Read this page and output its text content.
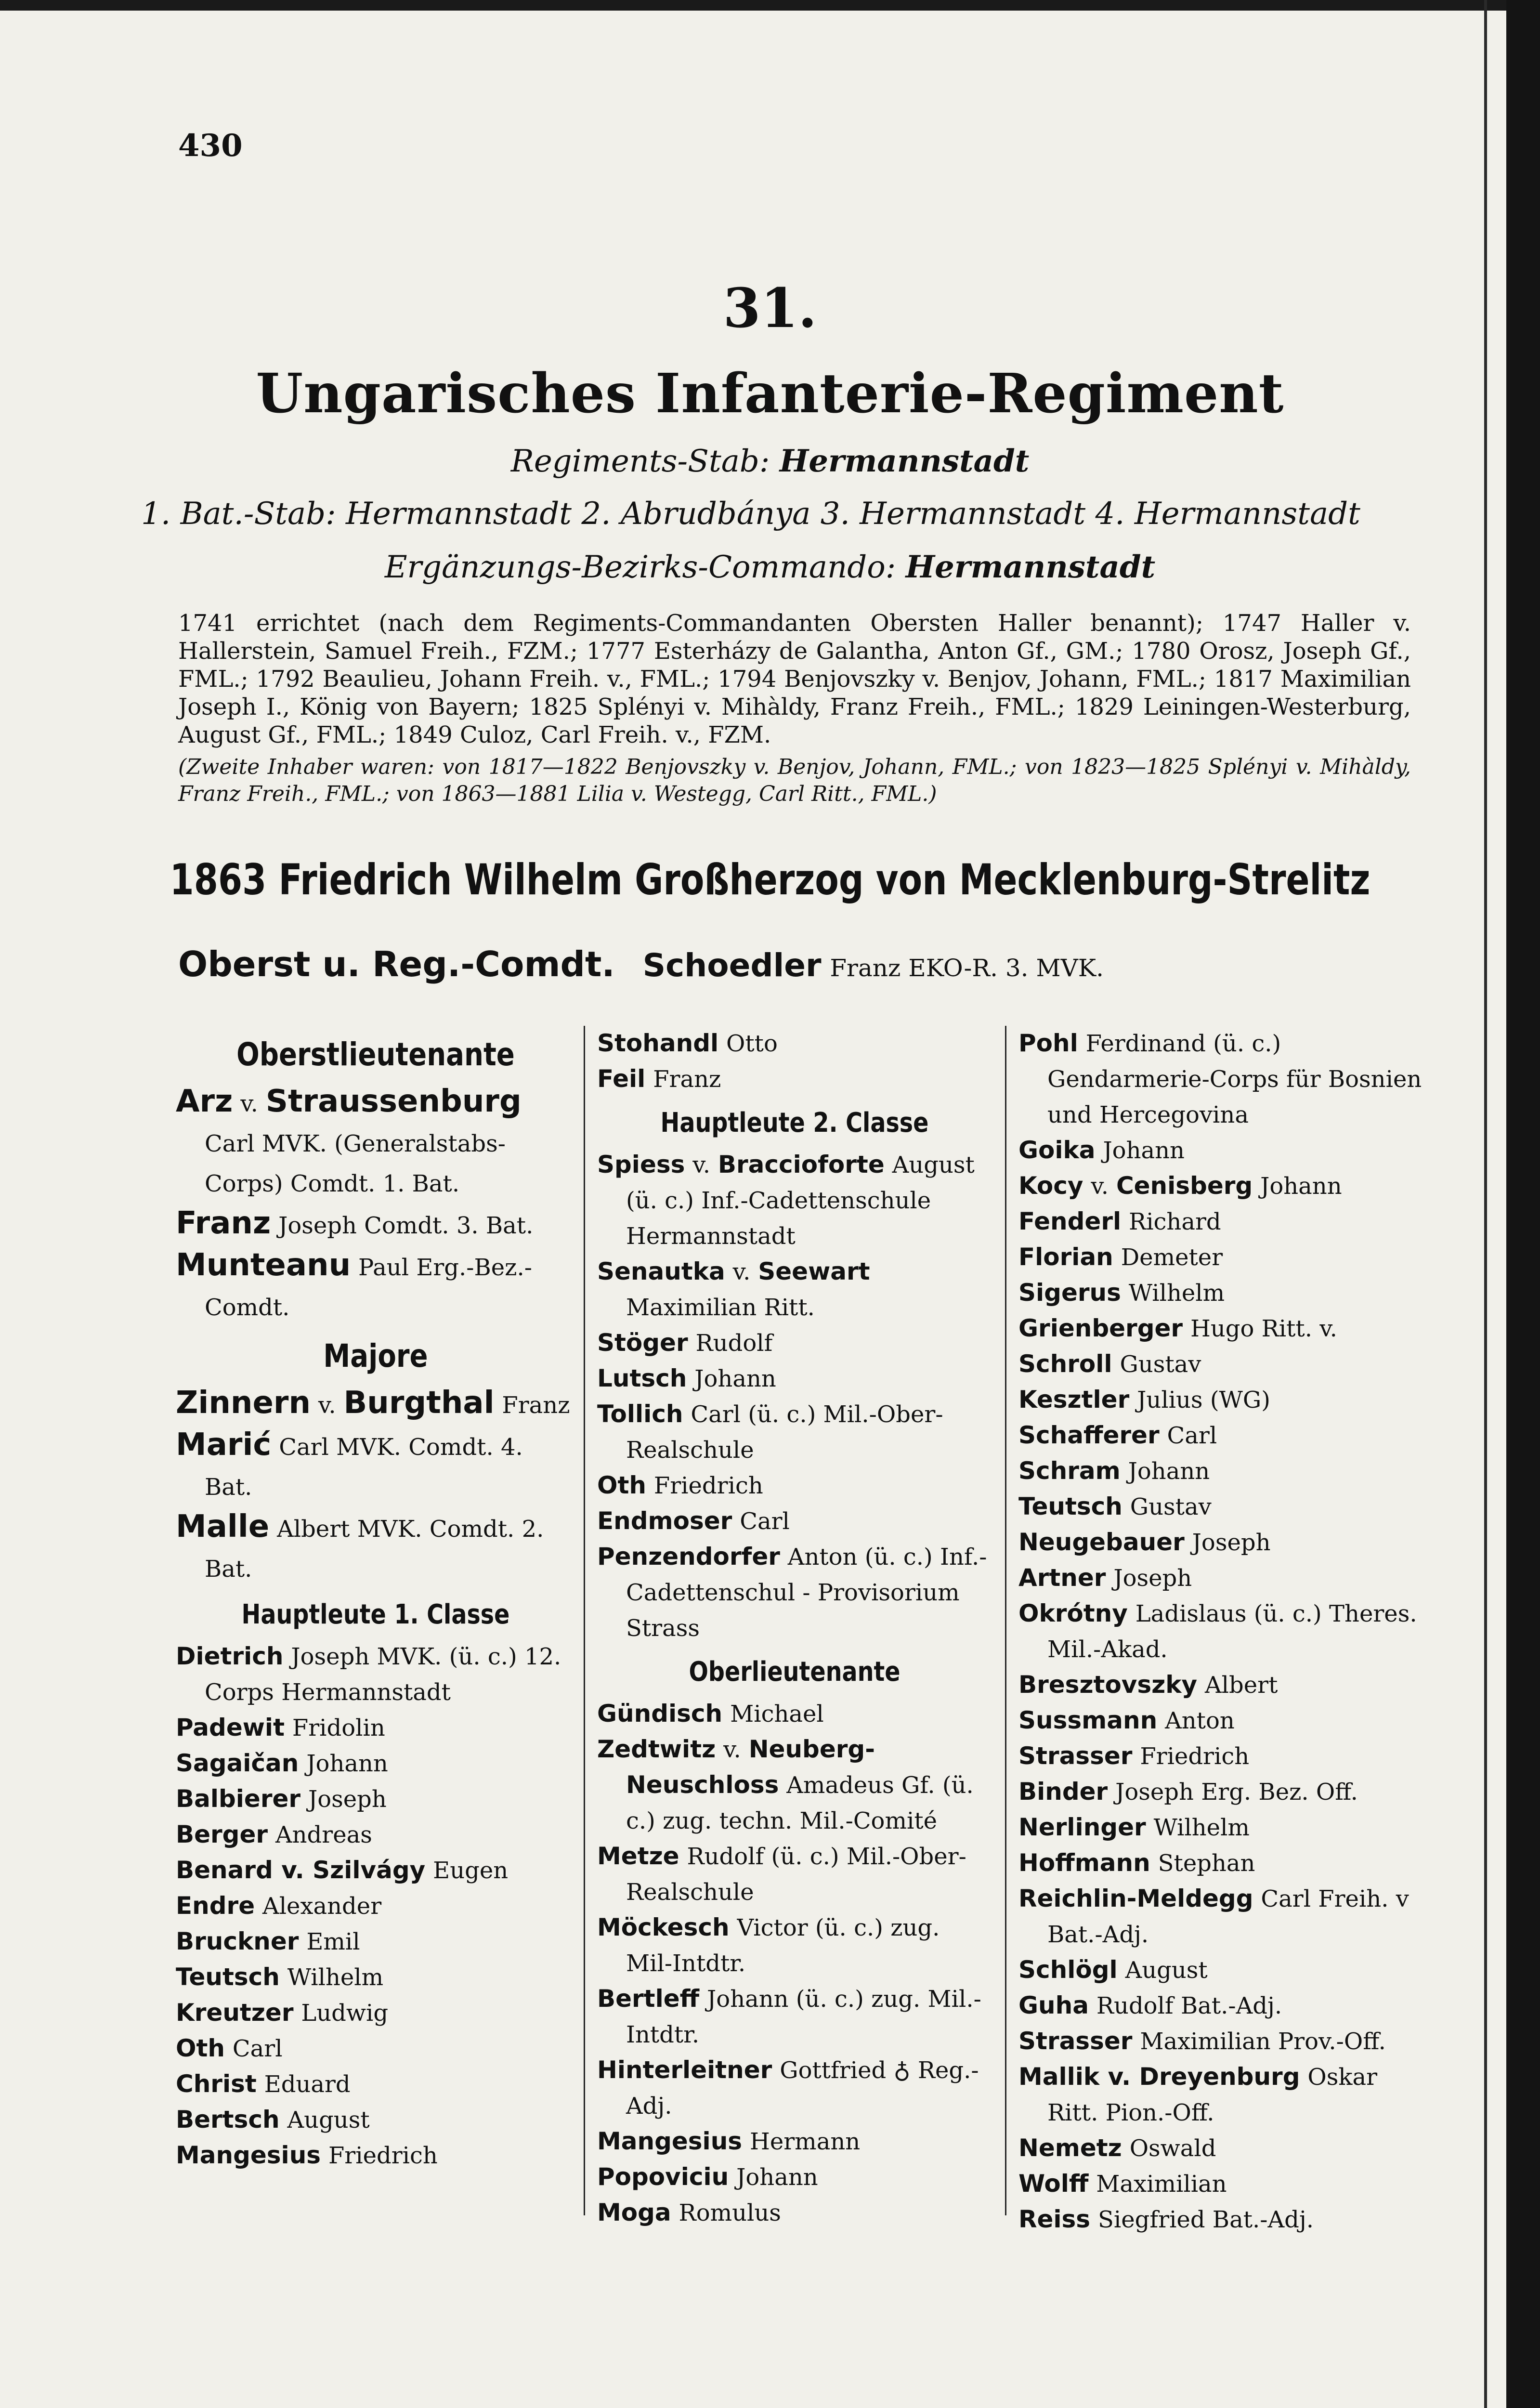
430
31.
Ungarisches Infanterie-Regiment
Regiments-Stab: Hermannstadt
1. Bat.-Stab: Hermannstadt 2. Abrudbánya 3. Hermannstadt 4. Hermannstadt
Ergänzungs-Bezirks-Commando: Hermannstadt
1741 errichtet (nach dem Regiments-Commandanten Obersten Haller benannt); 1747 Haller v. Hallerstein, Samuel Freih., FZM.; 1777 Esterházy de Galantha, Anton Gf., GM.; 1780 Orosz, Joseph Gf., FML.; 1792 Beaulieu, Johann Freih. v., FML.; 1794 Benjovszky v. Benjov, Johann, FML.; 1817 Maximilian Joseph I., König von Bayern; 1825 Splényi v. Mihàldy, Franz Freih., FML.; 1829 Leiningen-Westerburg, August Gf., FML.; 1849 Culoz, Carl Freih. v., FZM.
(Zweite Inhaber waren: von 1817—1822 Benjovszky v. Benjov, Johann, FML.; von 1823—1825 Splényi v. Mihàldy, Franz Freih., FML.; von 1863—1881 Lilia v. Westegg, Carl Ritt., FML.)
1863 Friedrich Wilhelm Großherzog von Mecklenburg-Strelitz
Oberst u. Reg.-Comdt. Schoedler Franz EKO-R. 3. MVK.
Oberstlieutenante
Arz v. Straussenburg Carl MVK. (Generalstabs-Corps) Comdt. 1. Bat.
Franz Joseph Comdt. 3. Bat.
Munteanu Paul Erg.-Bez.-Comdt.
Majore
Zinnern v. Burgthal Franz
Marić Carl MVK. Comdt. 4. Bat.
Malle Albert MVK. Comdt. 2. Bat.
Hauptleute 1. Classe
Dietrich Joseph MVK. (ü. c.) 12. Corps Hermannstadt
Padewit Fridolin
Sagaičan Johann
Balbierer Joseph
Berger Andreas
Benard v. Szilvágy Eugen
Endre Alexander
Bruckner Emil
Teutsch Wilhelm
Kreutzer Ludwig
Oth Carl
Christ Eduard
Bertsch August
Mangesius Friedrich
Stohandl Otto
Feil Franz
Hauptleute 2. Classe
Spiess v. Braccioforte August (ü. c.) Inf.-Cadettenschule Hermannstadt
Senautka v. Seewart Maximilian Ritt.
Stöger Rudolf
Lutsch Johann
Tollich Carl (ü. c.) Mil.-Ober-Realschule
Oth Friedrich
Endmoser Carl
Penzendorfer Anton (ü. c.) Inf.-Cadettenschul - Provisorium Strass
Oberlieutenante
Gündisch Michael
Zedtwitz v. Neuberg-Neuschloss Amadeus Gf. (ü. c.) zug. techn. Mil.-Comité
Metze Rudolf (ü. c.) Mil.-Ober-Realschule
Möckesch Victor (ü. c.) zug. Mil-Intdtr.
Bertleff Johann (ü. c.) zug. Mil.-Intdtr.
Hinterleitner Gottfried ♁ Reg.-Adj.
Mangesius Hermann
Popoviciu Johann
Moga Romulus
Pohl Ferdinand (ü. c.) Gendarmerie-Corps für Bosnien und Hercegovina
Goika Johann
Kocy v. Cenisberg Johann
Fenderl Richard
Florian Demeter
Sigerus Wilhelm
Grienberger Hugo Ritt. v.
Schroll Gustav
Kesztler Julius (WG)
Schafferer Carl
Schram Johann
Teutsch Gustav
Neugebauer Joseph
Artner Joseph
Okrótny Ladislaus (ü. c.) Theres. Mil.-Akad.
Bresztovszky Albert
Sussmann Anton
Strasser Friedrich
Binder Joseph Erg. Bez. Off.
Nerlinger Wilhelm
Hoffmann Stephan
Reichlin-Meldegg Carl Freih. v Bat.-Adj.
Schlögl August
Guha Rudolf Bat.-Adj.
Strasser Maximilian Prov.-Off.
Mallik v. Dreyenburg Oskar Ritt. Pion.-Off.
Nemetz Oswald
Wolff Maximilian
Reiss Siegfried Bat.-Adj.
